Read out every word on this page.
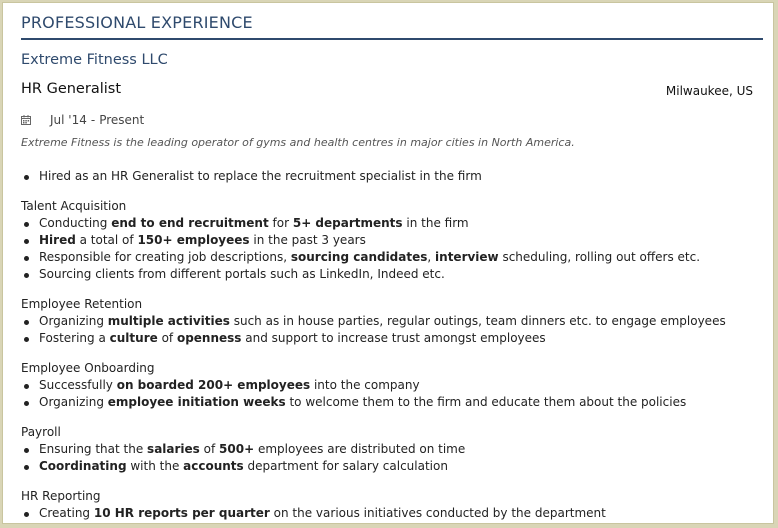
PROFESSIONAL EXPERIENCE
Extreme Fitness LLC
HR Generalist	Milwaukee, US
Jul '14 - Present
Extreme Fitness is the leading operator of gyms and health centres in major cities in North America.
Hired as an HR Generalist to replace the recruitment specialist in the firm
Talent Acquisition
Conducting end to end recruitment for 5+ departments in the firm
Hired a total of 150+ employees in the past 3 years
Responsible for creating job descriptions, sourcing candidates, interview scheduling, rolling out offers etc.
Sourcing clients from different portals such as LinkedIn, Indeed etc.
Employee Retention
Organizing multiple activities such as in house parties, regular outings, team dinners etc. to engage employees
Fostering a culture of openness and support to increase trust amongst employees
Employee Onboarding
Successfully on boarded 200+ employees into the company
Organizing employee initiation weeks to welcome them to the firm and educate them about the policies
Payroll
Ensuring that the salaries of 500+ employees are distributed on time
Coordinating with the accounts department for salary calculation
HR Reporting
Creating 10 HR reports per quarter on the various initiatives conducted by the department
